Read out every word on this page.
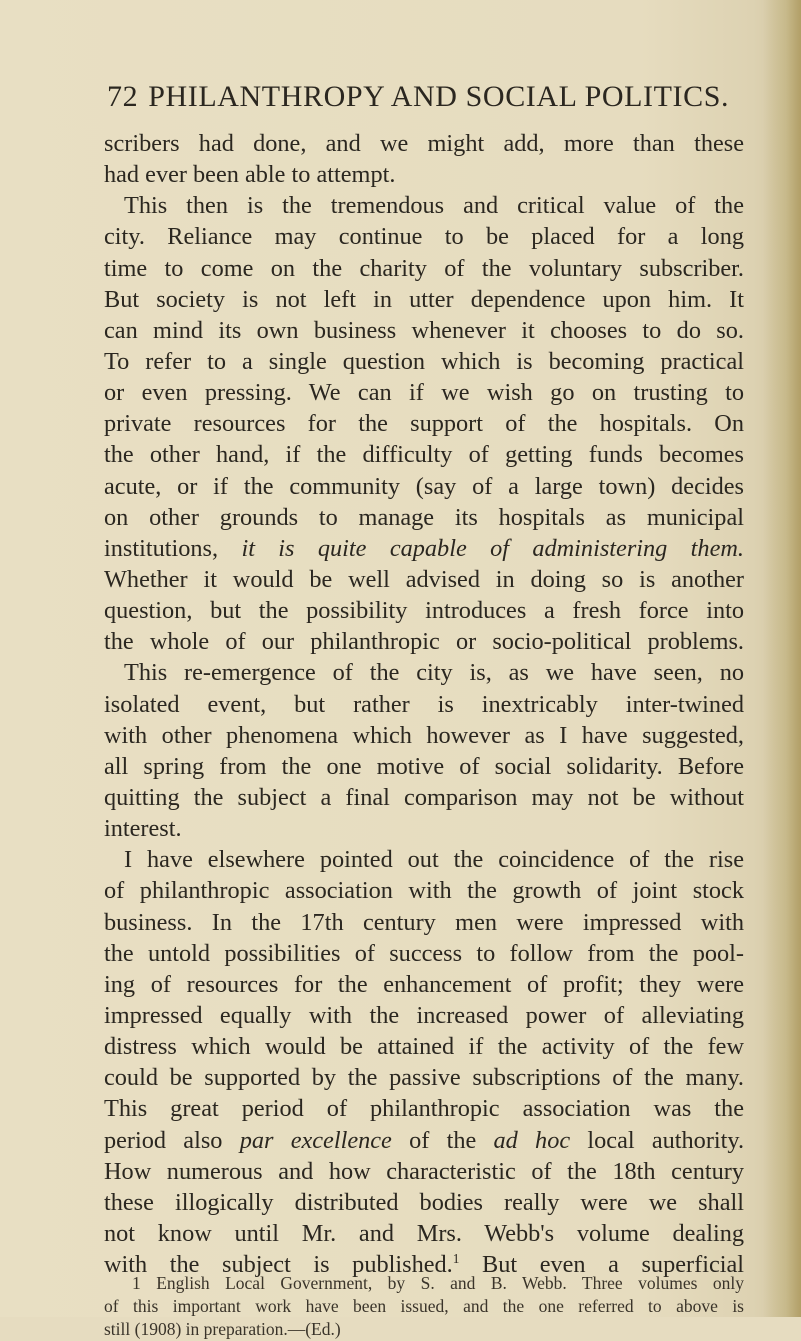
72 PHILANTHROPY AND SOCIAL POLITICS.
scribers had done, and we might add, more than these
had ever been able to attempt.
This then is the tremendous and critical value of the
city. Reliance may continue to be placed for a long
time to come on the charity of the voluntary subscriber.
But society is not left in utter dependence upon him. It
can mind its own business whenever it chooses to do so.
To refer to a single question which is becoming practical
or even pressing. We can if we wish go on trusting to
private resources for the support of the hospitals. On
the other hand, if the difficulty of getting funds becomes
acute, or if the community (say of a large town) decides
on other grounds to manage its hospitals as municipal
institutions, it is quite capable of administering them.
Whether it would be well advised in doing so is another
question, but the possibility introduces a fresh force into
the whole of our philanthropic or socio-political problems.
This re-emergence of the city is, as we have seen, no
isolated event, but rather is inextricably inter-twined
with other phenomena which however as I have suggested,
all spring from the one motive of social solidarity. Before
quitting the subject a final comparison may not be without
interest.
I have elsewhere pointed out the coincidence of the rise
of philanthropic association with the growth of joint stock
business. In the 17th century men were impressed with
the untold possibilities of success to follow from the pool-
ing of resources for the enhancement of profit; they were
impressed equally with the increased power of alleviating
distress which would be attained if the activity of the few
could be supported by the passive subscriptions of the many.
This great period of philanthropic association was the
period also par excellence of the ad hoc local authority.
How numerous and how characteristic of the 18th century
these illogically distributed bodies really were we shall
not know until Mr. and Mrs. Webb's volume dealing
with the subject is published.$^1$ But even a superficial
1 English Local Government, by S. and B. Webb. Three volumes only
of this important work have been issued, and the one referred to above is
still (1908) in preparation.—(Ed.)
